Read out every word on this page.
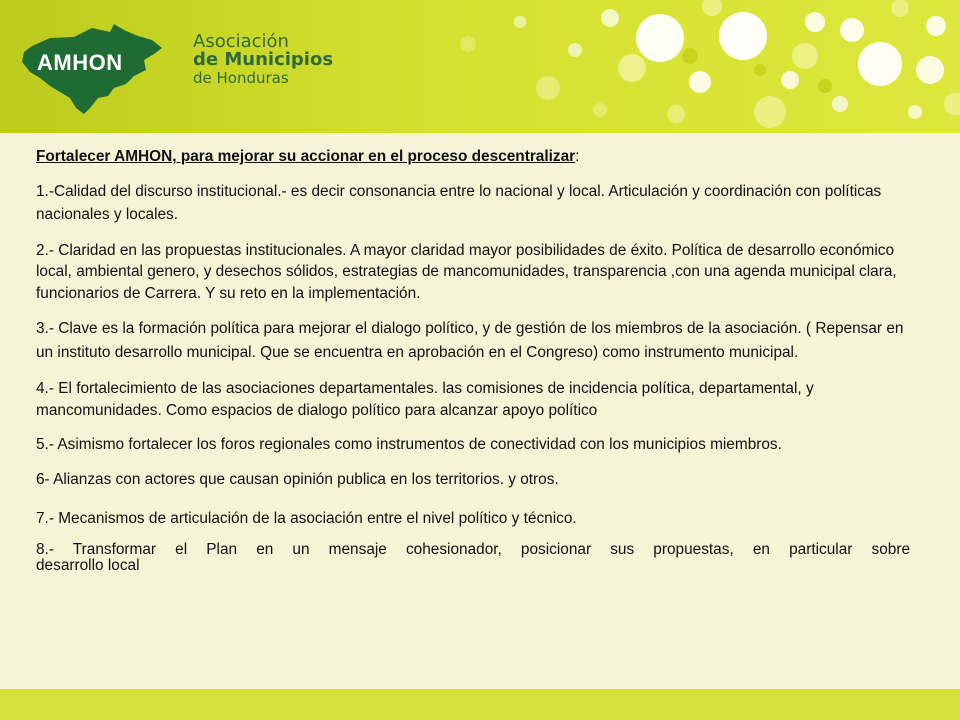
AMHON
Asociación
de Municipios
de Honduras

Fortalecer AMHON, para mejorar su accionar en el proceso descentralizar:

1.-Calidad del discurso institucional.- es decir consonancia entre lo nacional y local. Articulación y coordinación con políticas nacionales y locales.

2.- Claridad en las propuestas institucionales. A mayor claridad mayor posibilidades de éxito. Política de desarrollo económico local, ambiental genero, y desechos sólidos, estrategias de mancomunidades, transparencia ,con una agenda municipal clara, funcionarios de Carrera. Y su reto en la implementación.

3.- Clave es la formación política para mejorar el dialogo político, y de gestión de los miembros de la asociación. ( Repensar en un instituto desarrollo municipal. Que se encuentra en aprobación en el Congreso) como instrumento municipal.

4.- El fortalecimiento de las asociaciones departamentales. las comisiones de incidencia política, departamental, y mancomunidades. Como espacios de dialogo político para alcanzar apoyo político

5.- Asimismo fortalecer los foros regionales como instrumentos de conectividad con los municipios miembros.

6- Alianzas con actores que causan opinión publica en los territorios. y otros.

7.- Mecanismos de articulación de la asociación entre el nivel político y técnico.

8.- Transformar el Plan en un mensaje cohesionador, posicionar sus propuestas, en particular sobre

desarrollo local
